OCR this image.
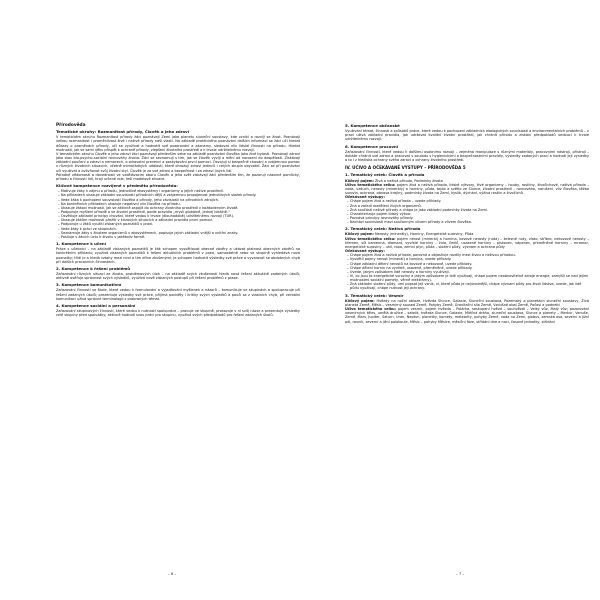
Přírodověda
Tematické okruhy: Rozmanitost přírody, Člověk a jeho zdraví

V tematickém okruhu Rozmanitost přírody žáci poznávají Zemi jako planetu sluneční soustavy, kde vznikl a rozvíjí se život. Poznávají velkou rozmanitost i proměnlivost živé i neživé přírody naší vlasti. Na základě praktického poznávání dalších informací se žáci učí hledat důkazy o proměnách přírody, učí se využívat a hodnotit své pozorování a záznamy, sledovat vliv lidské činnosti na přírodu. Hledat možnosti, jak se sami věku přispět k ochraně přírody, zlepšení životního prostředí a k trvale udržitelnému rozvoji.

V tematickém okruhu Člověk a jeho zdraví žáci poznávají především sebe na základě poznávání člověka jako živé bytosti. Poznávají zdraví jako stav bio-psycho-sociální rovnováhy života. Žáci se seznamují s tím, jak se člověk vyvíjí a mění od narození do dospělosti. Získávají základní poučení o zdraví a nemocech, o zdravotní prevenci a poskytování první pomoci. Osvojují si bezpečné chování a vzájemnou pomoc v různých životních situacích, včetně mimořádných událostí, které ohrožují zdraví jedinců i celých skupin obyvatel. Žáci se při poznávání učí využívat a ovlivňovat svůj životní styl. Člověk je za své zdraví a bezpečnost i za zdraví jiných lidí.

Pořadné vědomosti a dovednosti ve vzdělávacím oboru Člověk a jeho svět získávají žáci především tím, že pozorují názorné pomůcky, přírodu a činnosti lidí, hrají určené role, řeší modelové situace.

Klíčové kompetence rozvíjené v předmětu přírodověda:
– Motivuje žáky k zájmu o přírodu, jednotlivé ekosystémy i organizmy a jejich nežive prostředí.
– Na příkladech ukazuje základní souvislosti přírodních dějů a vzájemnou propojenost jednotlivých složek přírody.
– Vede žáka k pochopení souvislostí člověka a přírody, jeho závislosti na přírodních zdrojích.
– Na konkrétních příkladech ukazuje negativní vliv člověka na přírodu.
– Ukazuje žákovi možnosti, jak se aktivně zapojit do ochrany životního prostředí v každodenním životě.
– Podporuje myšlení přírodě a ve životní prostředí, podle pravidla „myslí globálně, jednej lokálně.“
– Osvětluje základní principy chování, které vedou k trvale (dlouhodobě) udržitelnému rozvoji (TUR).
– Ukazuje žákům možnosti přežití v krizových situacích a základní pravidla první pomoci.
– Podporuje u žáků využití získaných poznatků v praxi.
– Vede žáky k práci ve skupinách.
– Seznamuje žáky s životem organizmů v ekosystémech, popisuje jejich základní vnější a vnitřní znaky.
– Posiluje v žácích úctu k životu v jakékoliv formě.
1. Kompetence k učení

Práce s učebnicí – na základě získaných poznatků je žák schopen vysvětlovat obecné závěry a ukázat platnost obecných závěrů na konkrétním příkladu; využívá získaných poznatků k řešení aktuálních problémů v praxi, samostatně nebo ve skupině vyhledává nová poznatky; třídí je a hledá vztahy mezi nimi a tím dříve zkušenými; je schopen hodnotit výsledky své práce a vyvarovat se obdobných chyb při dalších pracovních činnostech.

2. Kompetence k řešení problémů

Zařazování různých situací ze života, problémových úloh – na základě svých zkušeností hledá nová řešení aktuálně zadaných úkolů; aktivně ověřuje správnost svých výsledků, využívá nově získaných postupů při řešení problémů z praxe.

3. Kompetence komunikativní

Zařazování činností ve škole, které vedou k formulování a vyjadřování myšlenek a názorů – komunikuje ve skupinách a spolupracuje při řešení zadaných úkolů; prezentuje výsledky své práce, přijímá podněty i kritiky svých výsledků a poučí se z vlastních chyb, při verbální komunikaci užívá správné terminologii z probraných témat.

4. Kompetence sociální a personální

Zařazování skupinových činností, které vedou k nutnosti spolupráce – pracuje ve skupině, prosazuje v ní svůj názor a prezentuje výsledky celé skupiny před spolužáky; aktivně hodnotí svou práci pro skupinu, využívá svých předpokladů pro řešení zadaných úkolů.

5. Kompetence občanské

Využívání témat, činností a způsobů práce, které vedou k pochopení základních ekologických souvislostí a environmentálních problémů – v praxi užívá základní pravidla, jak udržovat kvalitní životní prostředí, jak chránit přírodu a získání předpokladů vedoucí k trvale udržitelnému rozvoji.

6. Kompetence pracovní

Zařazování činností, které vedou k dalšímu osobnímu rozvoji – zejména manipulace s různými materiály, pracovními nástroji, přístroji – dokáže chránit své zdraví a pracovat v souladu s hygienickými a bezpečnostními pravidly, výsledky zadaných prací a hodnotí její výsledky a to i z hlediska ochrany svého zdraví a ochrany životního prostředí.

IV. UČIVO A OČEKÁVANÉ VÝSTUPY – PŘÍRODOVĚDA 5
1. Tematický celek: Člověk a příroda

Klíčový pojem: Živá a neživá příroda, Podmínky života

Učivo tematického celku: pojem živá a neživá příroda, lidské výtvory, živé organizmy – houby, rostliny, živočichové, neživá příroda – voda, vzduch, nerosty (minerály) a horniny, půda, teplo a světlo ze Slunce, životní prostředí – rovnováha, narušení, vliv člověka, těžba surovin, ochrana, obnova krajiny, podmínky života na Zemi, kyslík, dýchání, výživa rostlin a živočichů

Očekávané výstupy:
– Chápe pojem živá a neživá příroda – uvede příklady.
– Zná a zařadí rozdělení živých organizmů.
– Zná součásti neživé přírody a chápe je jako základní podmínky života na Zemi.
– Charakterizuje pojem lidský výtvor.
– Poznává principy rovnováhy přírody.
– Nachází souvislosti mezi součanným vlivem přírody a vlivem člověka.
2. Tematický celek: Neživá příroda

Klíčový pojem: Nerosty (minerály), Horniny, Energetické suroviny, Půda

Učivo tematického celku: pojem nerost (minerál) a hornina, kovové nerosty (ruda) – železné rudy, zlato, stříbro, nekovové nerosty – křemen, sůl kamenná, diamant, vyvřelé horniny – žula, čedič, usazené horniny – pískovec, vápenec, přeměněné horniny – mramor, energetické suroviny – uhlí, ropa, zemní plyn, půda – složení půdy, význam a ochrana půdy

Očekávané výstupy:
– Chápe pojem živá a neživá příroda, porovná a objasňuje rozdíly mezi živou a neživou přírodou.
– Vysvětlí pojmy nerost (minerál) a hornina, uvede příklady.
– Chápe základní dělení nerostů na kovové a nekovové, uvede příklady.
– Chápe dělení hornin na vyvřelé, usazené, přeměněné, uvede příklady.
– Uvede, jakým způsobem lidé nerosty a horniny využívají.
– Ví, co jsou to energetické suroviny a jakým způsobem je lidé využívají, chápe pojem neobnovitelné zdroje energie, zamýšlí se nad jejími možnostmi sociální pamety, věrné elektrárny).
– Zná základní složení půdy, umí popsat její vznik, ví, které půda je nejúrodnější, chápe význam půdy pro život lidstva, uvede, jak lidé půdu využívají, chápe nutnost její ochrany.
3. Tematický celek: Vesmír

Klíčový pojem: Hvězdy na noční obloze, Hvězda Slunce, Galaxie, Sluneční soustava, Pozemský a planetách sluneční soustavy, Živá planeta Země, Měsíc – vesmírný soused Země, Pohyby Země, Gravitační síla Země, Vzdušné obal Země, Počasí a podnebí

Učivo tematického celku: pojem vesmír, pojem hvězda – Polárka, seskupení hvězd – souhvězdí – Velký vůz, Malý vůz; pozorování vesmírných těles, umělá družice – satelit, hvězda Slunce, Galaxie, Mléčná dráha, sluneční soustava, Slunce a planety – Merkur, Venuše, Země, Mars, Jupiter, Saturn, Uran, Neptun, planetky, komety, meteority, pohyby Země, voda na Zemi, globus, zemská osa, severní a jižní pól, rovník, severní a jižní polokoule, Měsíc – pohyby Měsíce, měsíční fáze, střídání dne a noci, časové jednotky, střídání

– 6 –	– 7 –
